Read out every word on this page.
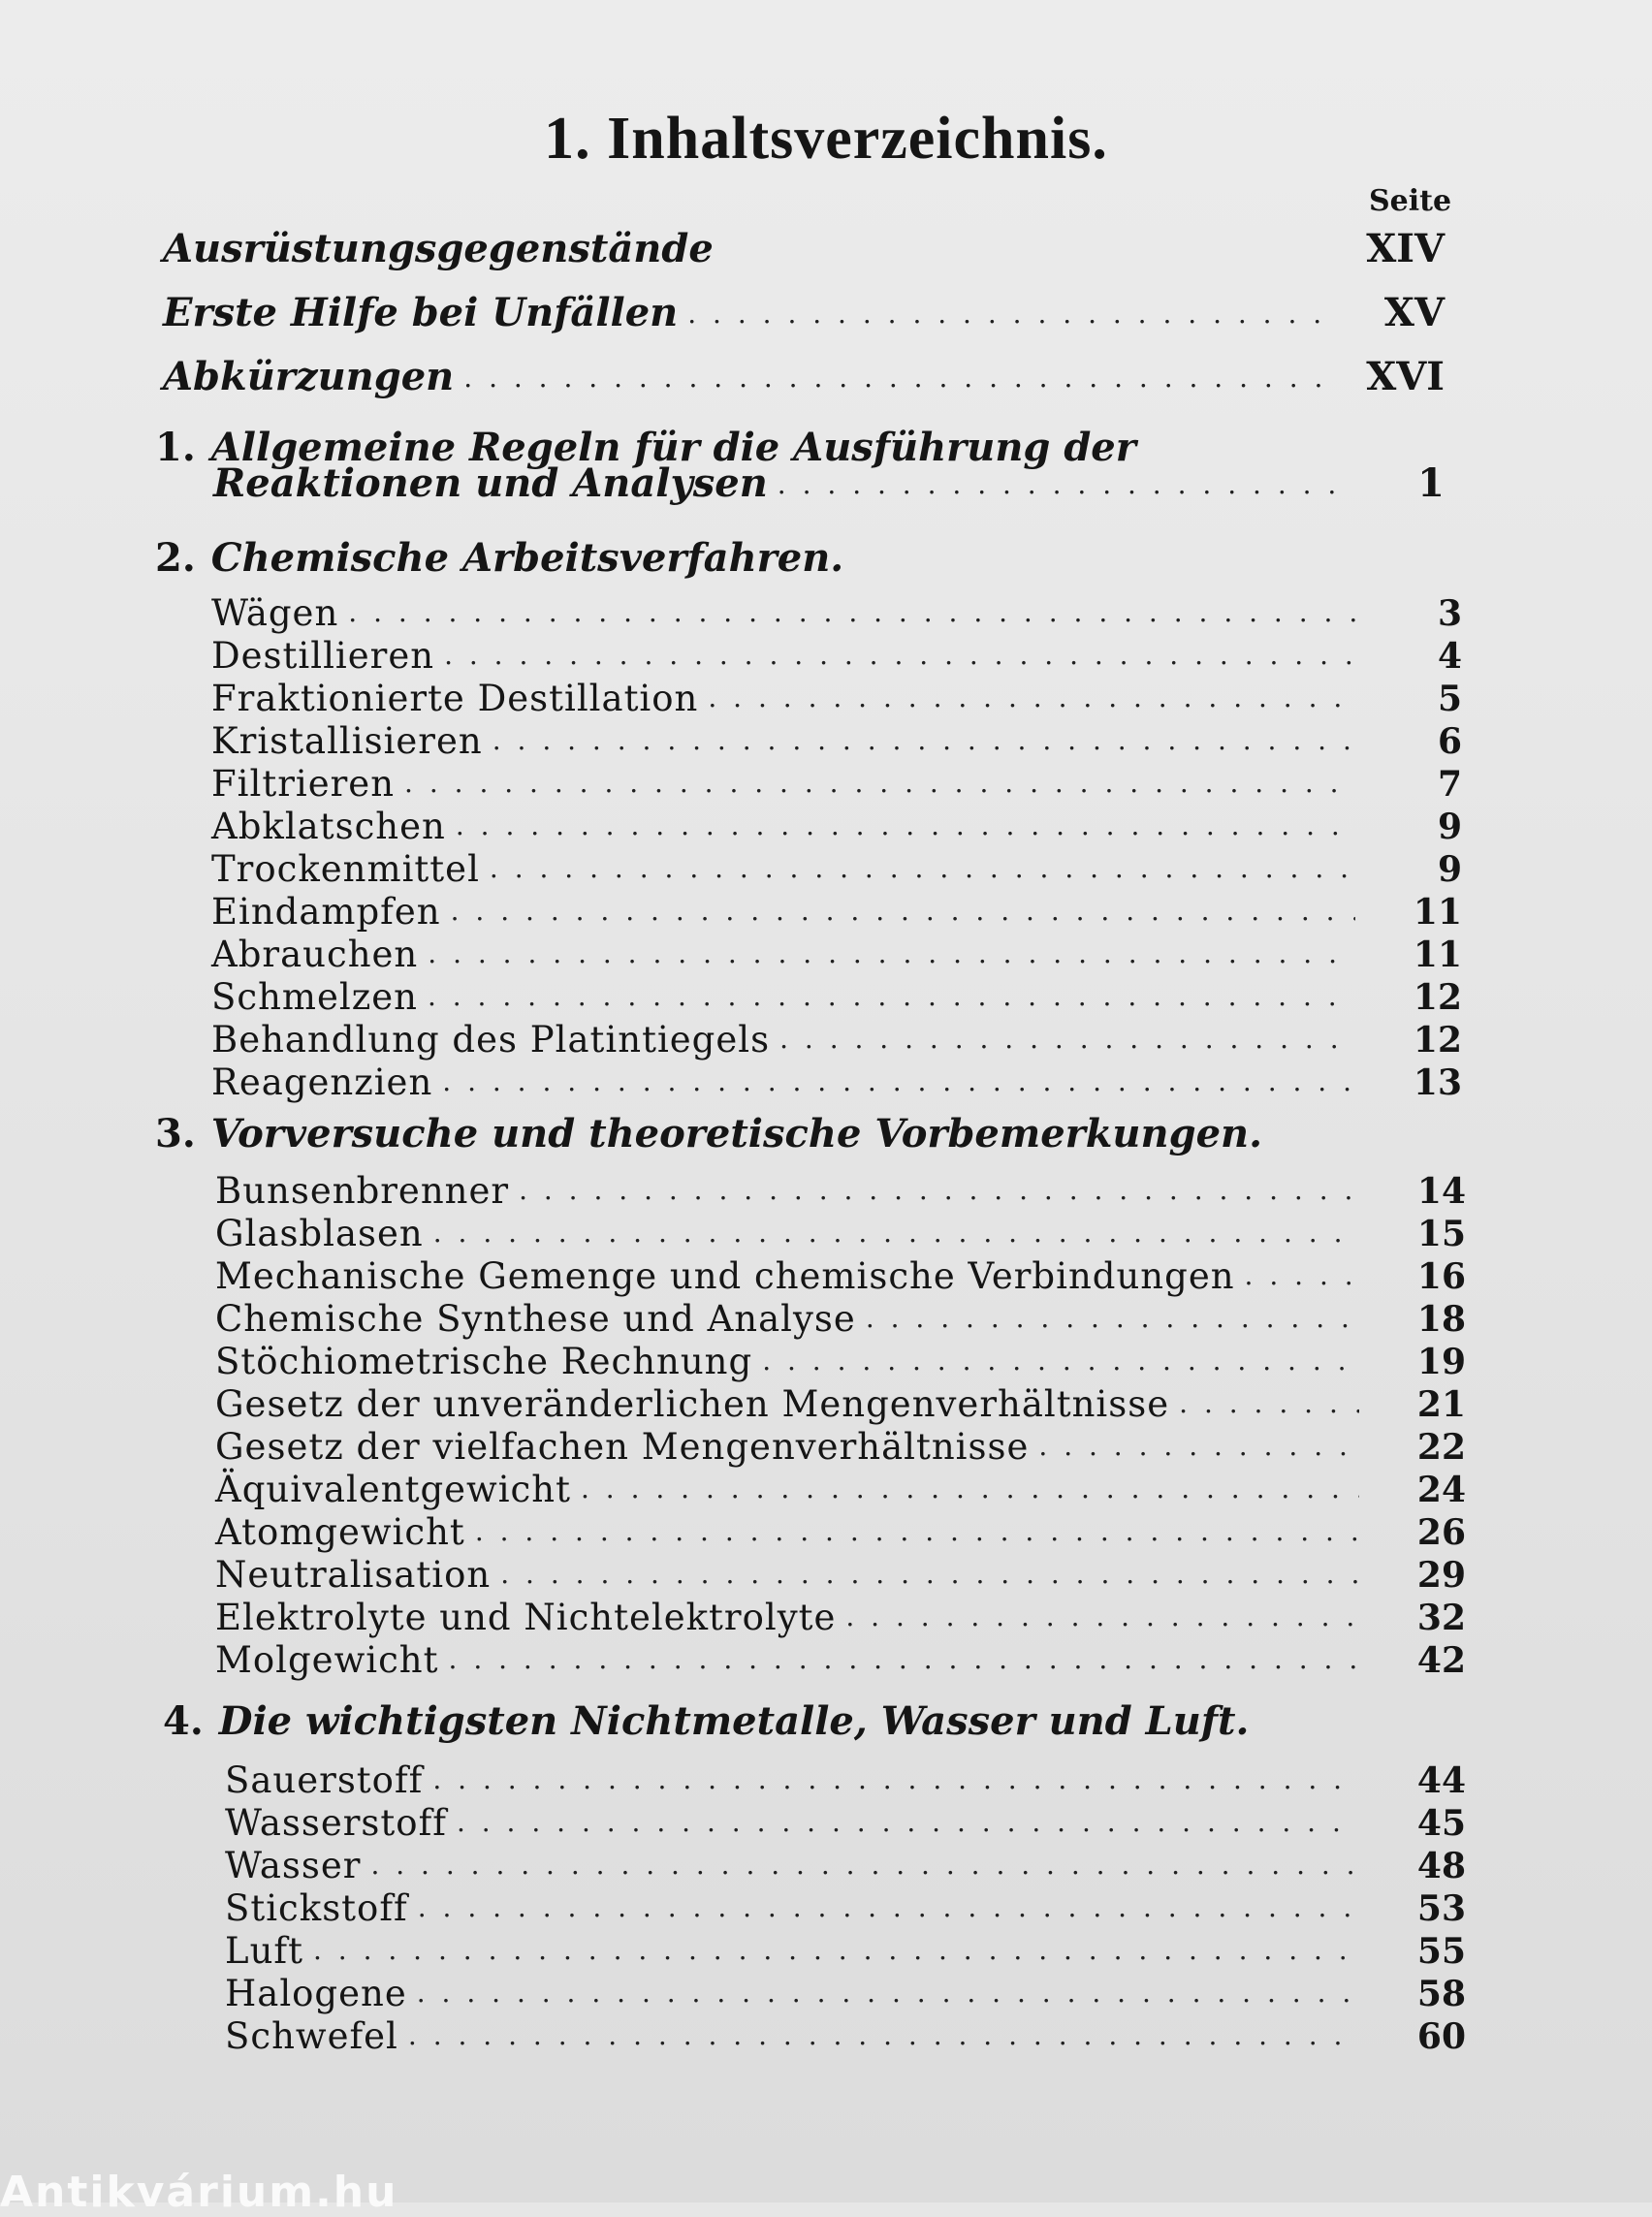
1. Inhaltsverzeichnis.
Seite
Ausrüstungsgegenstände	XIV
Erste Hilfe bei Unfällen . . .	XV
Abkürzungen . . .	XVI
1. Allgemeine Regeln für die Ausführung der
Reaktionen und Analysen . . .	1
2. Chemische Arbeitsverfahren.
Wägen . . .	3
Destillieren . . .	4
Fraktionierte Destillation . . .	5
Kristallisieren . . .	6
Filtrieren . . .	7
Abklatschen . . .	9
Trockenmittel . . .	9
Eindampfen . . .	11
Abrauchen . . .	11
Schmelzen . . .	12
Behandlung des Platintiegels . . .	12
Reagenzien . . .	13
3. Vorversuche und theoretische Vorbemerkungen.
Bunsenbrenner . . .	14
Glasblasen . . .	15
Mechanische Gemenge und chemische Verbindungen . . .	16
Chemische Synthese und Analyse . . .	18
Stöchiometrische Rechnung . . .	19
Gesetz der unveränderlichen Mengenverhältnisse . . .	21
Gesetz der vielfachen Mengenverhältnisse . . .	22
Äquivalentgewicht . . .	24
Atomgewicht . . .	26
Neutralisation . . .	29
Elektrolyte und Nichtelektrolyte . . .	32
Molgewicht . . .	42
4. Die wichtigsten Nichtmetalle, Wasser und Luft.
Sauerstoff . . .	44
Wasserstoff . . .	45
Wasser . . .	48
Stickstoff . . .	53
Luft . . .	55
Halogene . . .	58
Schwefel . . .	60
Antikvárium.hu
